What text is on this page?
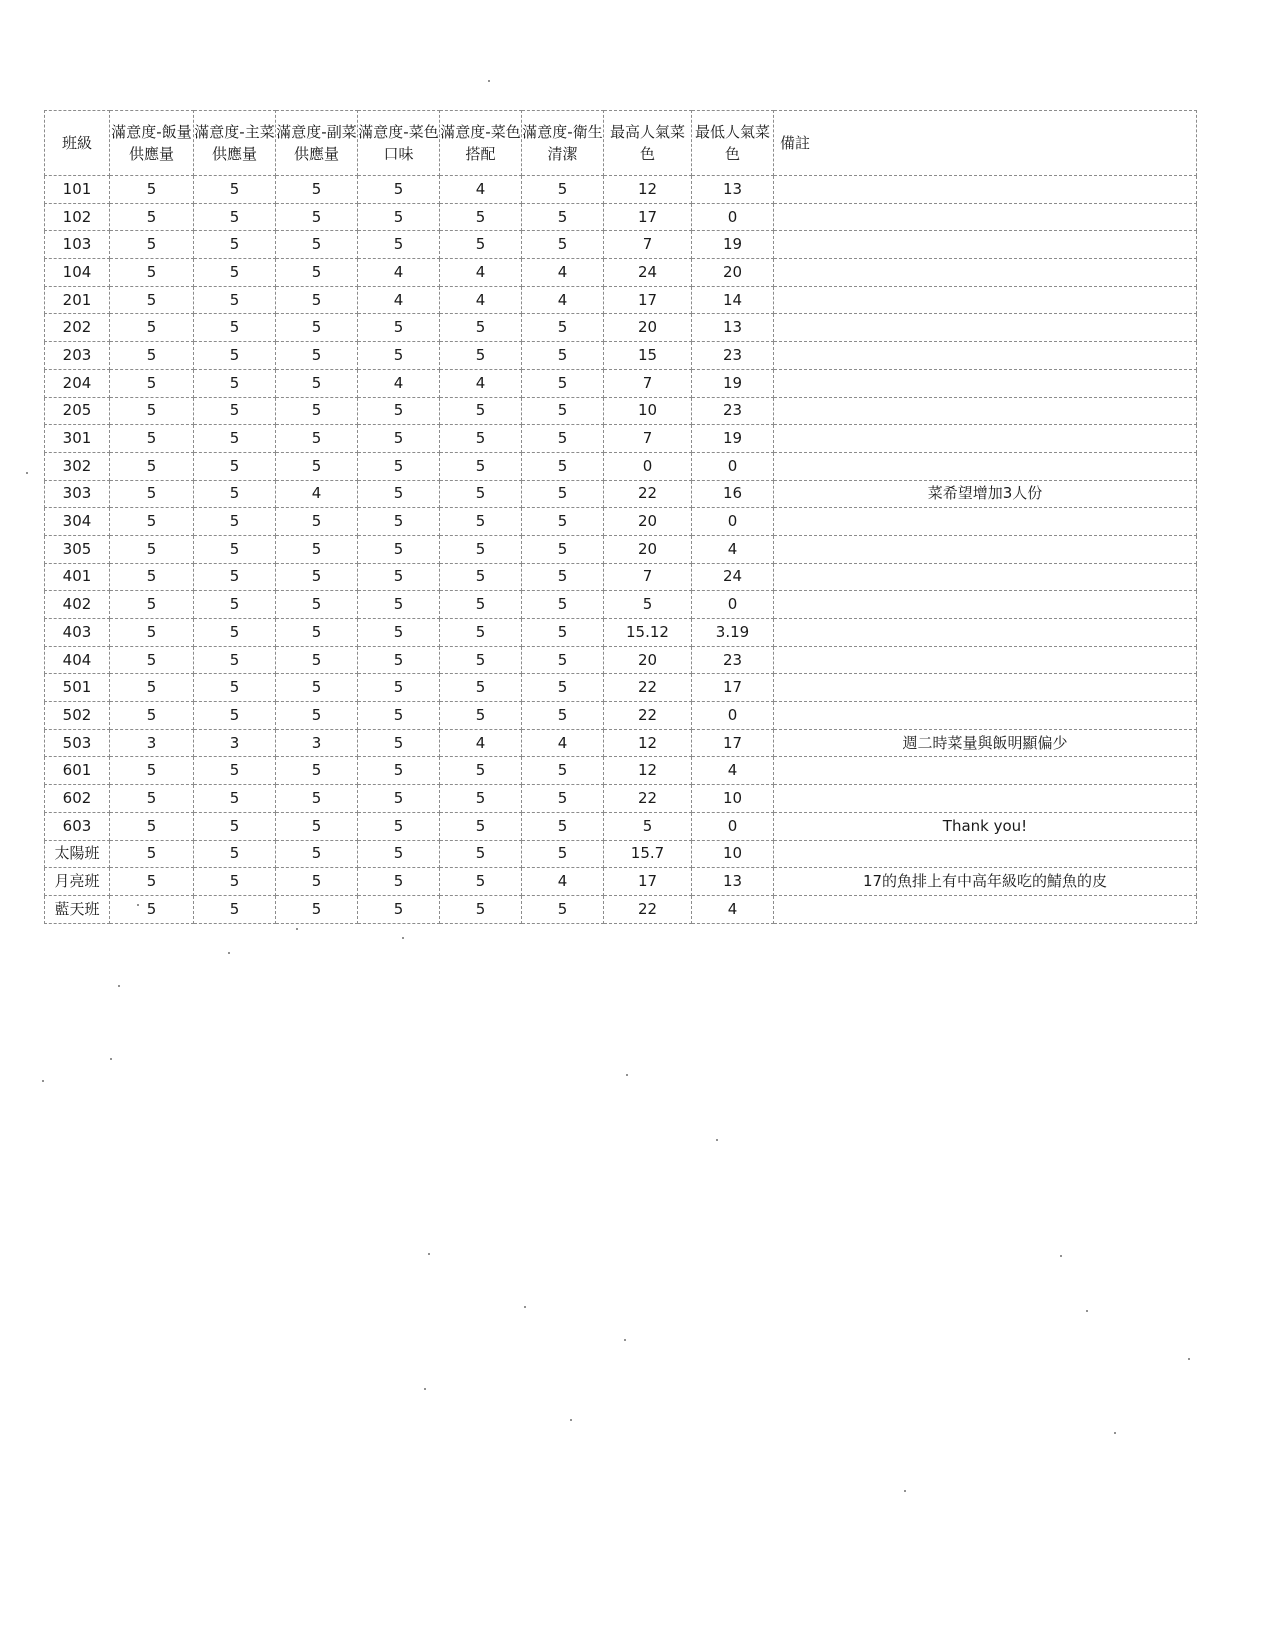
班級	滿意度-飯量供應量	滿意度-主菜供應量	滿意度-副菜供應量	滿意度-菜色口味	滿意度-菜色搭配	滿意度-衛生清潔	最高人氣菜色	最低人氣菜色	備註
101	5	5	5	5	4	5	12	13	
102	5	5	5	5	5	5	17	0	
103	5	5	5	5	5	5	7	19	
104	5	5	5	4	4	4	24	20	
201	5	5	5	4	4	4	17	14	
202	5	5	5	5	5	5	20	13	
203	5	5	5	5	5	5	15	23	
204	5	5	5	4	4	5	7	19	
205	5	5	5	5	5	5	10	23	
301	5	5	5	5	5	5	7	19	
302	5	5	5	5	5	5	0	0	
303	5	5	4	5	5	5	22	16	菜希望增加3人份
304	5	5	5	5	5	5	20	0	
305	5	5	5	5	5	5	20	4	
401	5	5	5	5	5	5	7	24	
402	5	5	5	5	5	5	5	0	
403	5	5	5	5	5	5	15.12	3.19	
404	5	5	5	5	5	5	20	23	
501	5	5	5	5	5	5	22	17	
502	5	5	5	5	5	5	22	0	
503	3	3	3	5	4	4	12	17	週二時菜量與飯明顯偏少
601	5	5	5	5	5	5	12	4	
602	5	5	5	5	5	5	22	10	
603	5	5	5	5	5	5	5	0	Thank you!
太陽班	5	5	5	5	5	5	15.7	10	
月亮班	5	5	5	5	5	4	17	13	17的魚排上有中高年級吃的鯖魚的皮
藍天班	5	5	5	5	5	5	22	4	
